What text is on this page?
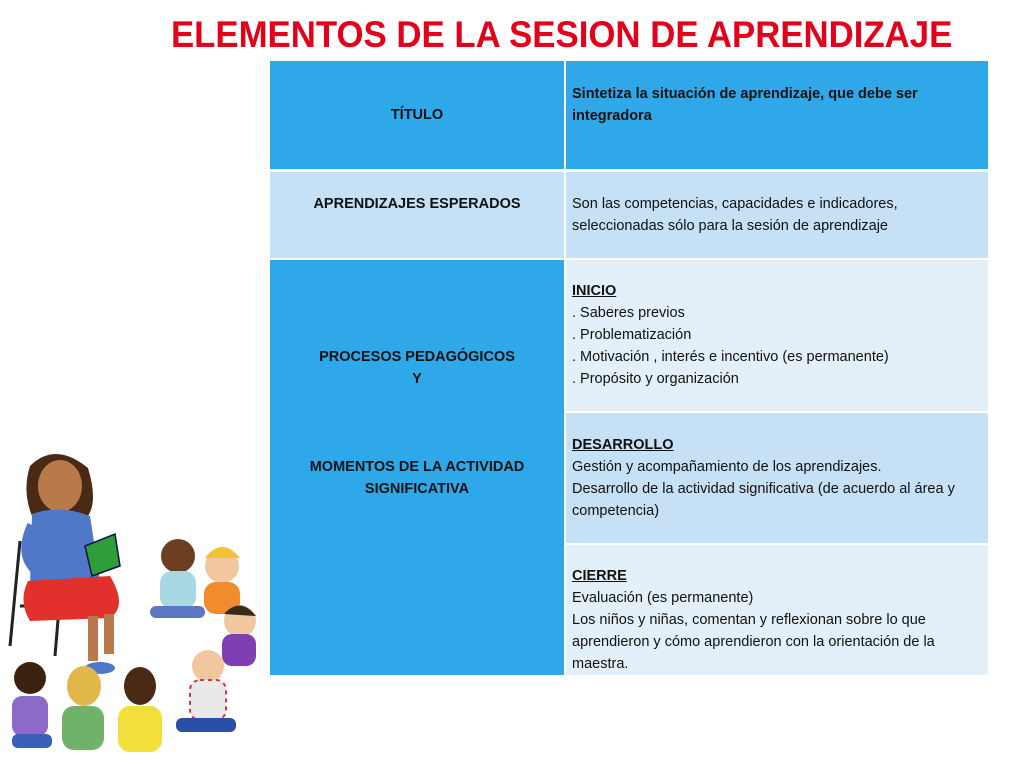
ELEMENTOS DE LA SESION DE APRENDIZAJE
TÍTULO
Sintetiza la situación de aprendizaje, que debe ser integradora
APRENDIZAJES ESPERADOS	Son las competencias, capacidades e indicadores, seleccionadas sólo para la sesión de aprendizaje
PROCESOS PEDAGÓGICOS
Y
MOMENTOS DE LA ACTIVIDAD SIGNIFICATIVA
INICIO
. Saberes previos
. Problematización
. Motivación , interés e incentivo (es permanente)
. Propósito y organización
DESARROLLO
Gestión y acompañamiento de los aprendizajes.
Desarrollo de la actividad significativa (de acuerdo al área y competencia)
CIERRE
Evaluación (es permanente)
Los niños y niñas, comentan y reflexionan sobre lo que aprendieron y cómo aprendieron con la orientación de la maestra.
